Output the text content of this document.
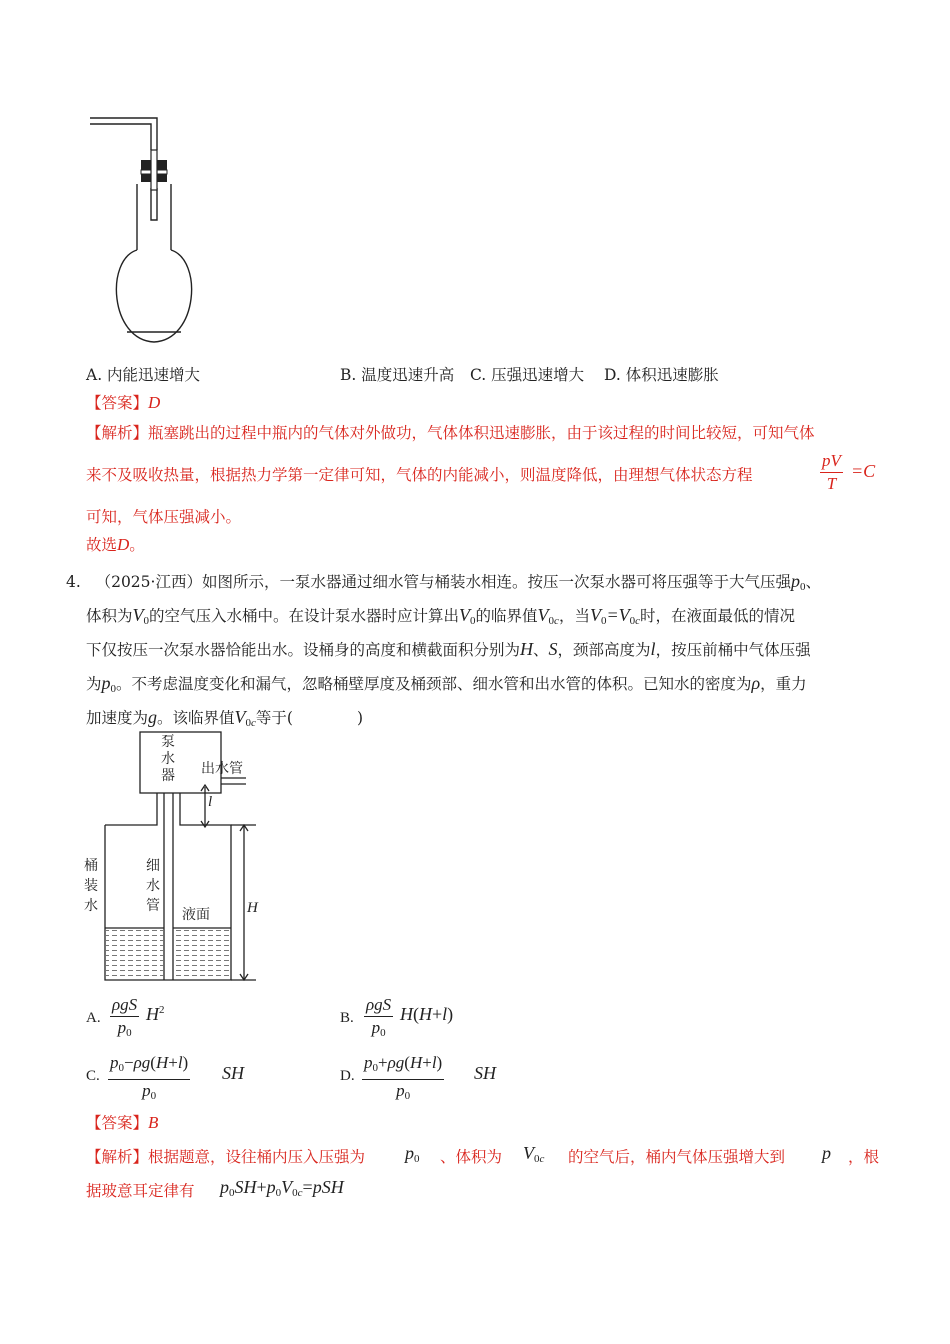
A. 内能迅速增大	B. 温度迅速升高 C. 压强迅速增大 D. 体积迅速膨胀
【答案】D
【解析】瓶塞跳出的过程中瓶内的气体对外做功，气体体积迅速膨胀，由于该过程的时间比较短，可知气体
来不及吸收热量，根据热力学第一定律可知，气体的内能减小，则温度降低，由理想气体状态方程
pV
T
=C
可知，气体压强减小。
故选D。
4. （2025·江西）如图所示，一泵水器通过细水管与桶装水相连。按压一次泵水器可将压强等于大气压强$p_0$、
体积为$V_0$的空气压入水桶中。在设计泵水器时应计算出$V_0$的临界值$V_0c$，当$V_0=V_0c$时，在液面最低的情况
下仅按压一次泵水器恰能出水。设桶身的高度和横截面积分别为H、S，颈部高度为l，按压前桶中气体压强
为$p_0$。不考虑温度变化和漏气，忽略桶壁厚度及桶颈部、细水管和出水管的体积。已知水的密度为ρ，重力
加速度为g。该临界值$V_0c$等于(	)
泵
水
器	出水管
桶
装
水
细
水
管
液面
l
H
A.
ρgS
$p_0$
$H^2$	B.
ρgS
$p_0$
H(H+l)
C.
$p_0-\rho g(H+l)$
$p_0$
SH	D.
$p_0+\rho g(H+l)$
$p_0$
SH
【答案】B
【解析】根据题意，设往桶内压入压强为 $p_0$ 、体积为 $V_0c$ 的空气后，桶内气体压强增大到 p ，根
据玻意耳定律有 $p_0SH+p_0V_0c=pSH$
